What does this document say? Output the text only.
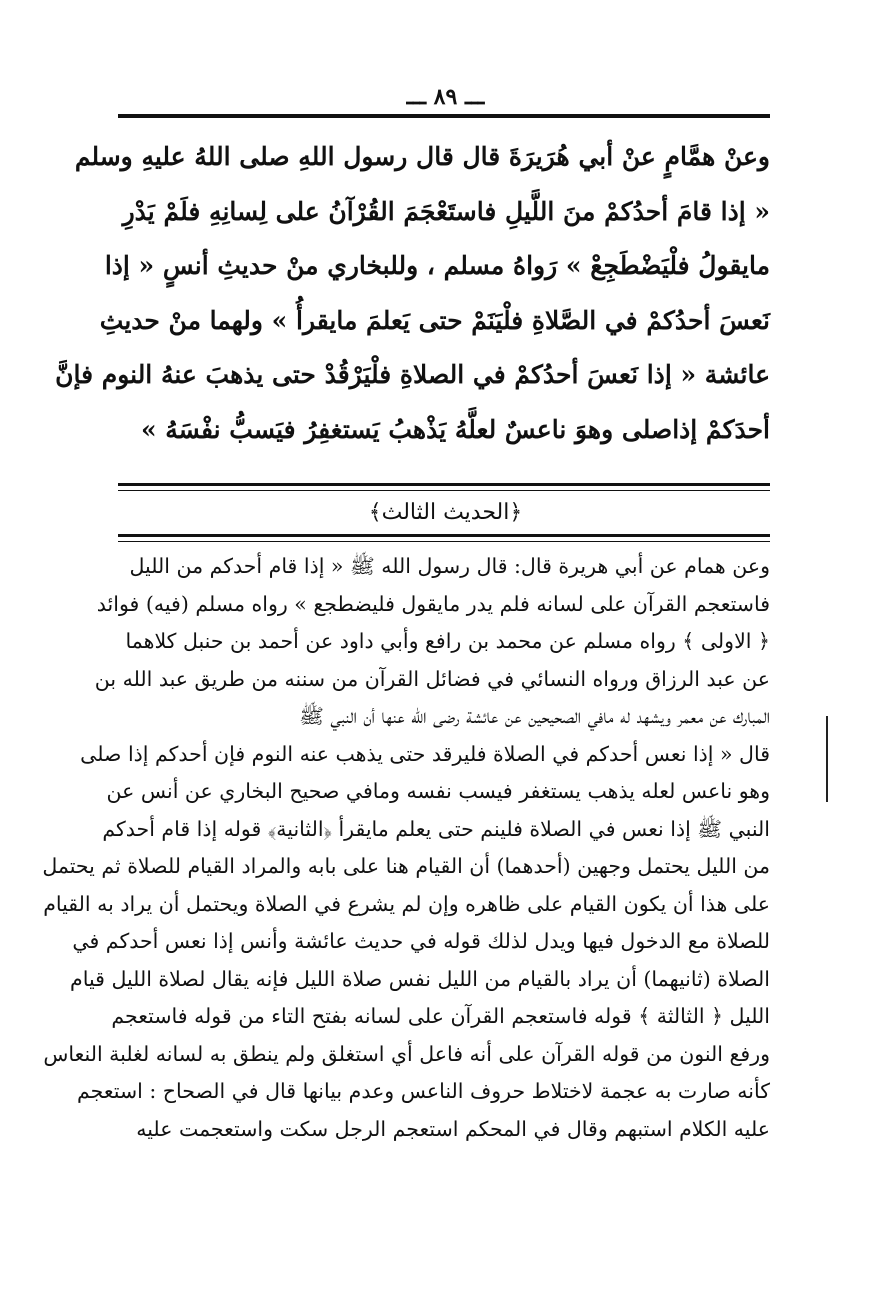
ـــ ٨٩ ـــ
وعنْ همَّامٍ عنْ أبي هُرَيرَةَ قال قال رسول اللهِ صلى اللهُ عليهِ وسلم
« إذا قامَ أحدُكمْ منَ اللَّيلِ فاستَعْجَمَ القُرْآنُ على لِسانِهِ فلَمْ يَدْرِ
مايقولُ فلْيَضْطَجِعْ » رَواهُ مسلم ، وللبخاري منْ حديثِ أنسٍ « إذا
نَعسَ أحدُكمْ في الصَّلاةِ فلْيَنَمْ حتى يَعلمَ مايقرأُ » ولهما منْ حديثِ
عائشة « إذا نَعسَ أحدُكمْ في الصلاةِ فلْيَرْقُدْ حتى يذهبَ عنهُ النوم فإنَّ
أحدَكمْ إذاصلى وهوَ ناعسٌ لعلَّهُ يَذْهبُ يَستغفِرُ فيَسبُّ نفْسَهُ »
﴿الحديث الثالث﴾
وعن همام عن أبي هريرة قال: قال رسول الله ﷺ « إذا قام أحدكم من الليل
فاستعجم القرآن على لسانه فلم يدر مايقول فليضطجع » رواه مسلم (فيه) فوائد
﴿ الاولى ﴾ رواه مسلم عن محمد بن رافع وأبي داود عن أحمد بن حنبل كلاهما
عن عبد الرزاق ورواه النسائي في فضائل القرآن من سننه من طريق عبد الله بن
المبارك عن معمر ويشهد له مافي الصحيحين عن عائشة رضى الله عنها أن النبي ﷺ
قال « إذا نعس أحدكم في الصلاة فليرقد حتى يذهب عنه النوم فإن أحدكم إذا صلى
وهو ناعس لعله يذهب يستغفر فيسب نفسه ومافي صحيح البخاري عن أنس عن
النبي ﷺ إذا نعس في الصلاة فلينم حتى يعلم مايقرأ ﴿الثانية﴾ قوله إذا قام أحدكم
من الليل يحتمل وجهين (أحدهما) أن القيام هنا على بابه والمراد القيام للصلاة ثم يحتمل
على هذا أن يكون القيام على ظاهره وإن لم يشرع في الصلاة ويحتمل أن يراد به القيام
للصلاة مع الدخول فيها ويدل لذلك قوله في حديث عائشة وأنس إذا نعس أحدكم في
الصلاة (ثانيهما) أن يراد بالقيام من الليل نفس صلاة الليل فإنه يقال لصلاة الليل قيام
الليل ﴿ الثالثة ﴾ قوله فاستعجم القرآن على لسانه بفتح التاء من قوله فاستعجم
ورفع النون من قوله القرآن على أنه فاعل أي استغلق ولم ينطق به لسانه لغلبة النعاس
كأنه صارت به عجمة لاختلاط حروف الناعس وعدم بيانها قال في الصحاح : استعجم
عليه الكلام استبهم وقال في المحكم استعجم الرجل سكت واستعجمت عليه
